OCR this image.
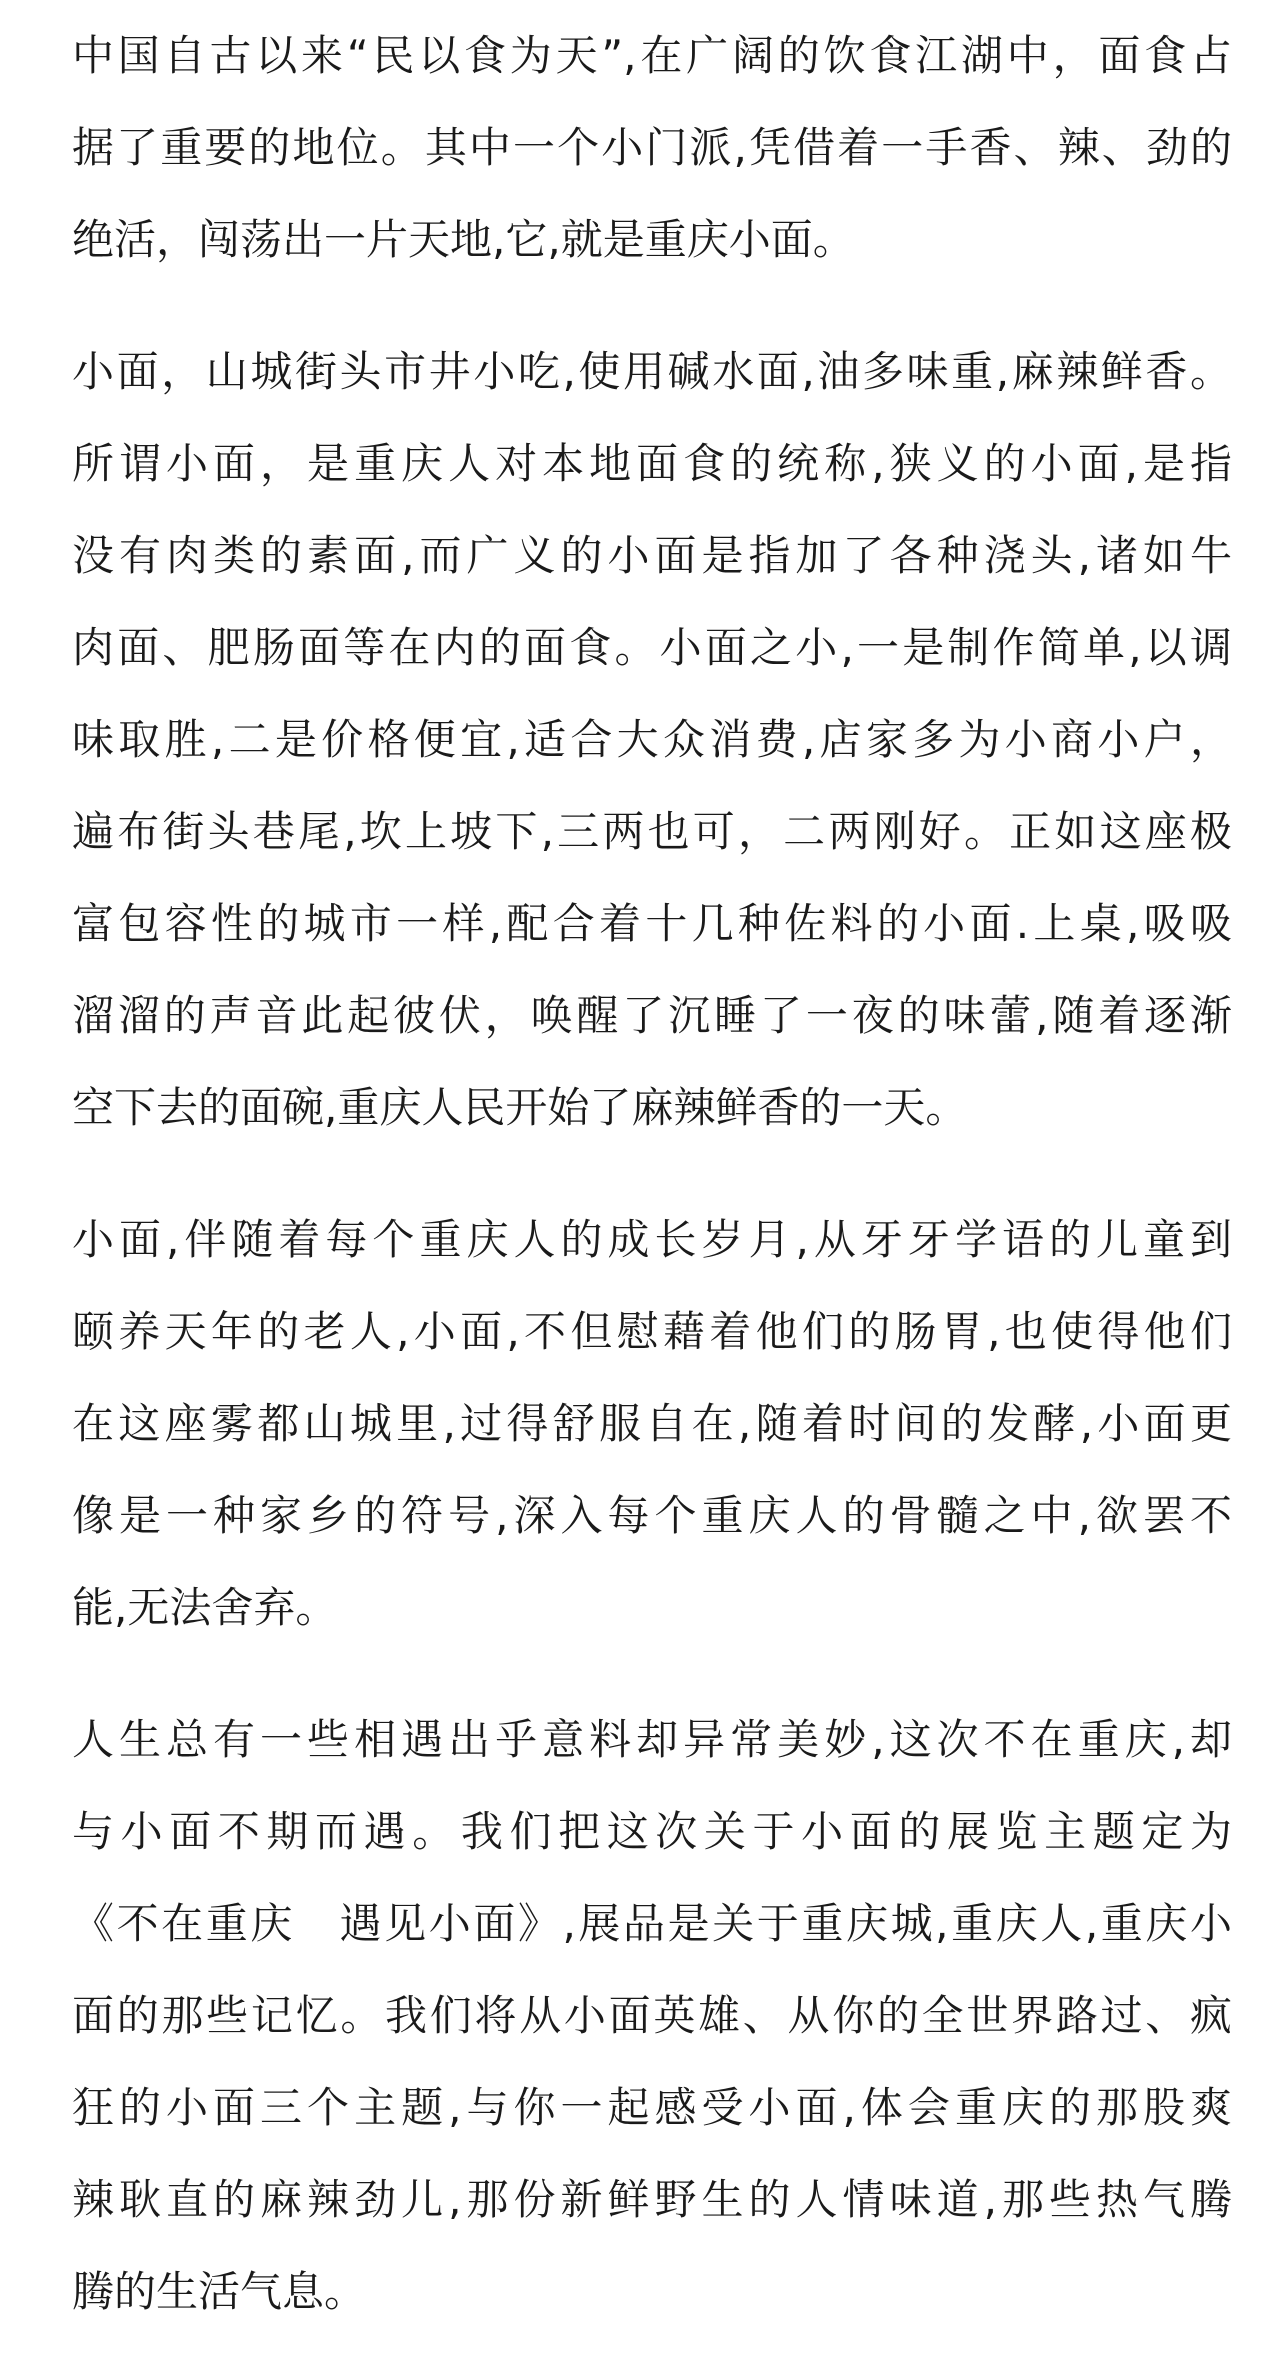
中国自古以来“民以食为天”,在广阔的饮食江湖中，面食占
据了重要的地位。其中一个小门派,凭借着一手香、辣、劲的
绝活，闯荡出一片天地,它,就是重庆小面。

小面，山城街头市井小吃,使用碱水面,油多味重,麻辣鲜香。
所谓小面，是重庆人对本地面食的统称,狭义的小面,是指
没有肉类的素面,而广义的小面是指加了各种浇头,诸如牛
肉面、肥肠面等在内的面食。小面之小,一是制作简单,以调
味取胜,二是价格便宜,适合大众消费,店家多为小商小户，
遍布街头巷尾,坎上坡下,三两也可，二两刚好。正如这座极
富包容性的城市一样,配合着十几种佐料的小面.上桌,吸吸
溜溜的声音此起彼伏，唤醒了沉睡了一夜的味蕾,随着逐渐
空下去的面碗,重庆人民开始了麻辣鲜香的一天。

小面,伴随着每个重庆人的成长岁月,从牙牙学语的儿童到
颐养天年的老人,小面,不但慰藉着他们的肠胃,也使得他们
在这座雾都山城里,过得舒服自在,随着时间的发酵,小面更
像是一种家乡的符号,深入每个重庆人的骨髓之中,欲罢不
能,无法舍弃。

人生总有一些相遇出乎意料却异常美妙,这次不在重庆,却
与小面不期而遇。我们把这次关于小面的展览主题定为
《不在重庆　遇见小面》,展品是关于重庆城,重庆人,重庆小
面的那些记忆。我们将从小面英雄、从你的全世界路过、疯
狂的小面三个主题,与你一起感受小面,体会重庆的那股爽
辣耿直的麻辣劲儿,那份新鲜野生的人情味道,那些热气腾
腾的生活气息。
